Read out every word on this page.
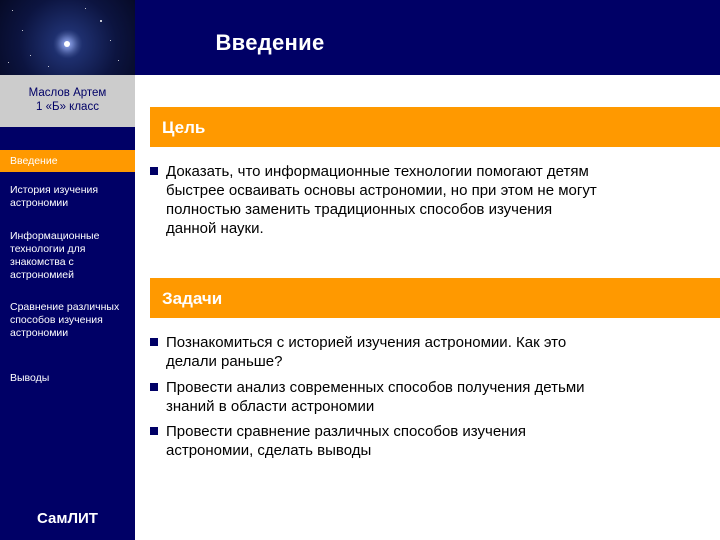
Введение
Маслов Артем
1 «Б» класс
Введение
История изучения астрономии
Информационные технологии для знакомства с астрономией
Сравнение различных способов изучения астрономии
Выводы
СамЛИТ
Цель
Доказать, что информационные технологии помогают детям быстрее осваивать основы астрономии, но при этом не могут полностью заменить традиционных способов изучения данной науки.
Задачи
Познакомиться с историей изучения астрономии. Как это делали раньше?
Провести анализ современных способов получения детьми знаний в области астрономии
Провести сравнение различных способов изучения астрономии, сделать выводы
